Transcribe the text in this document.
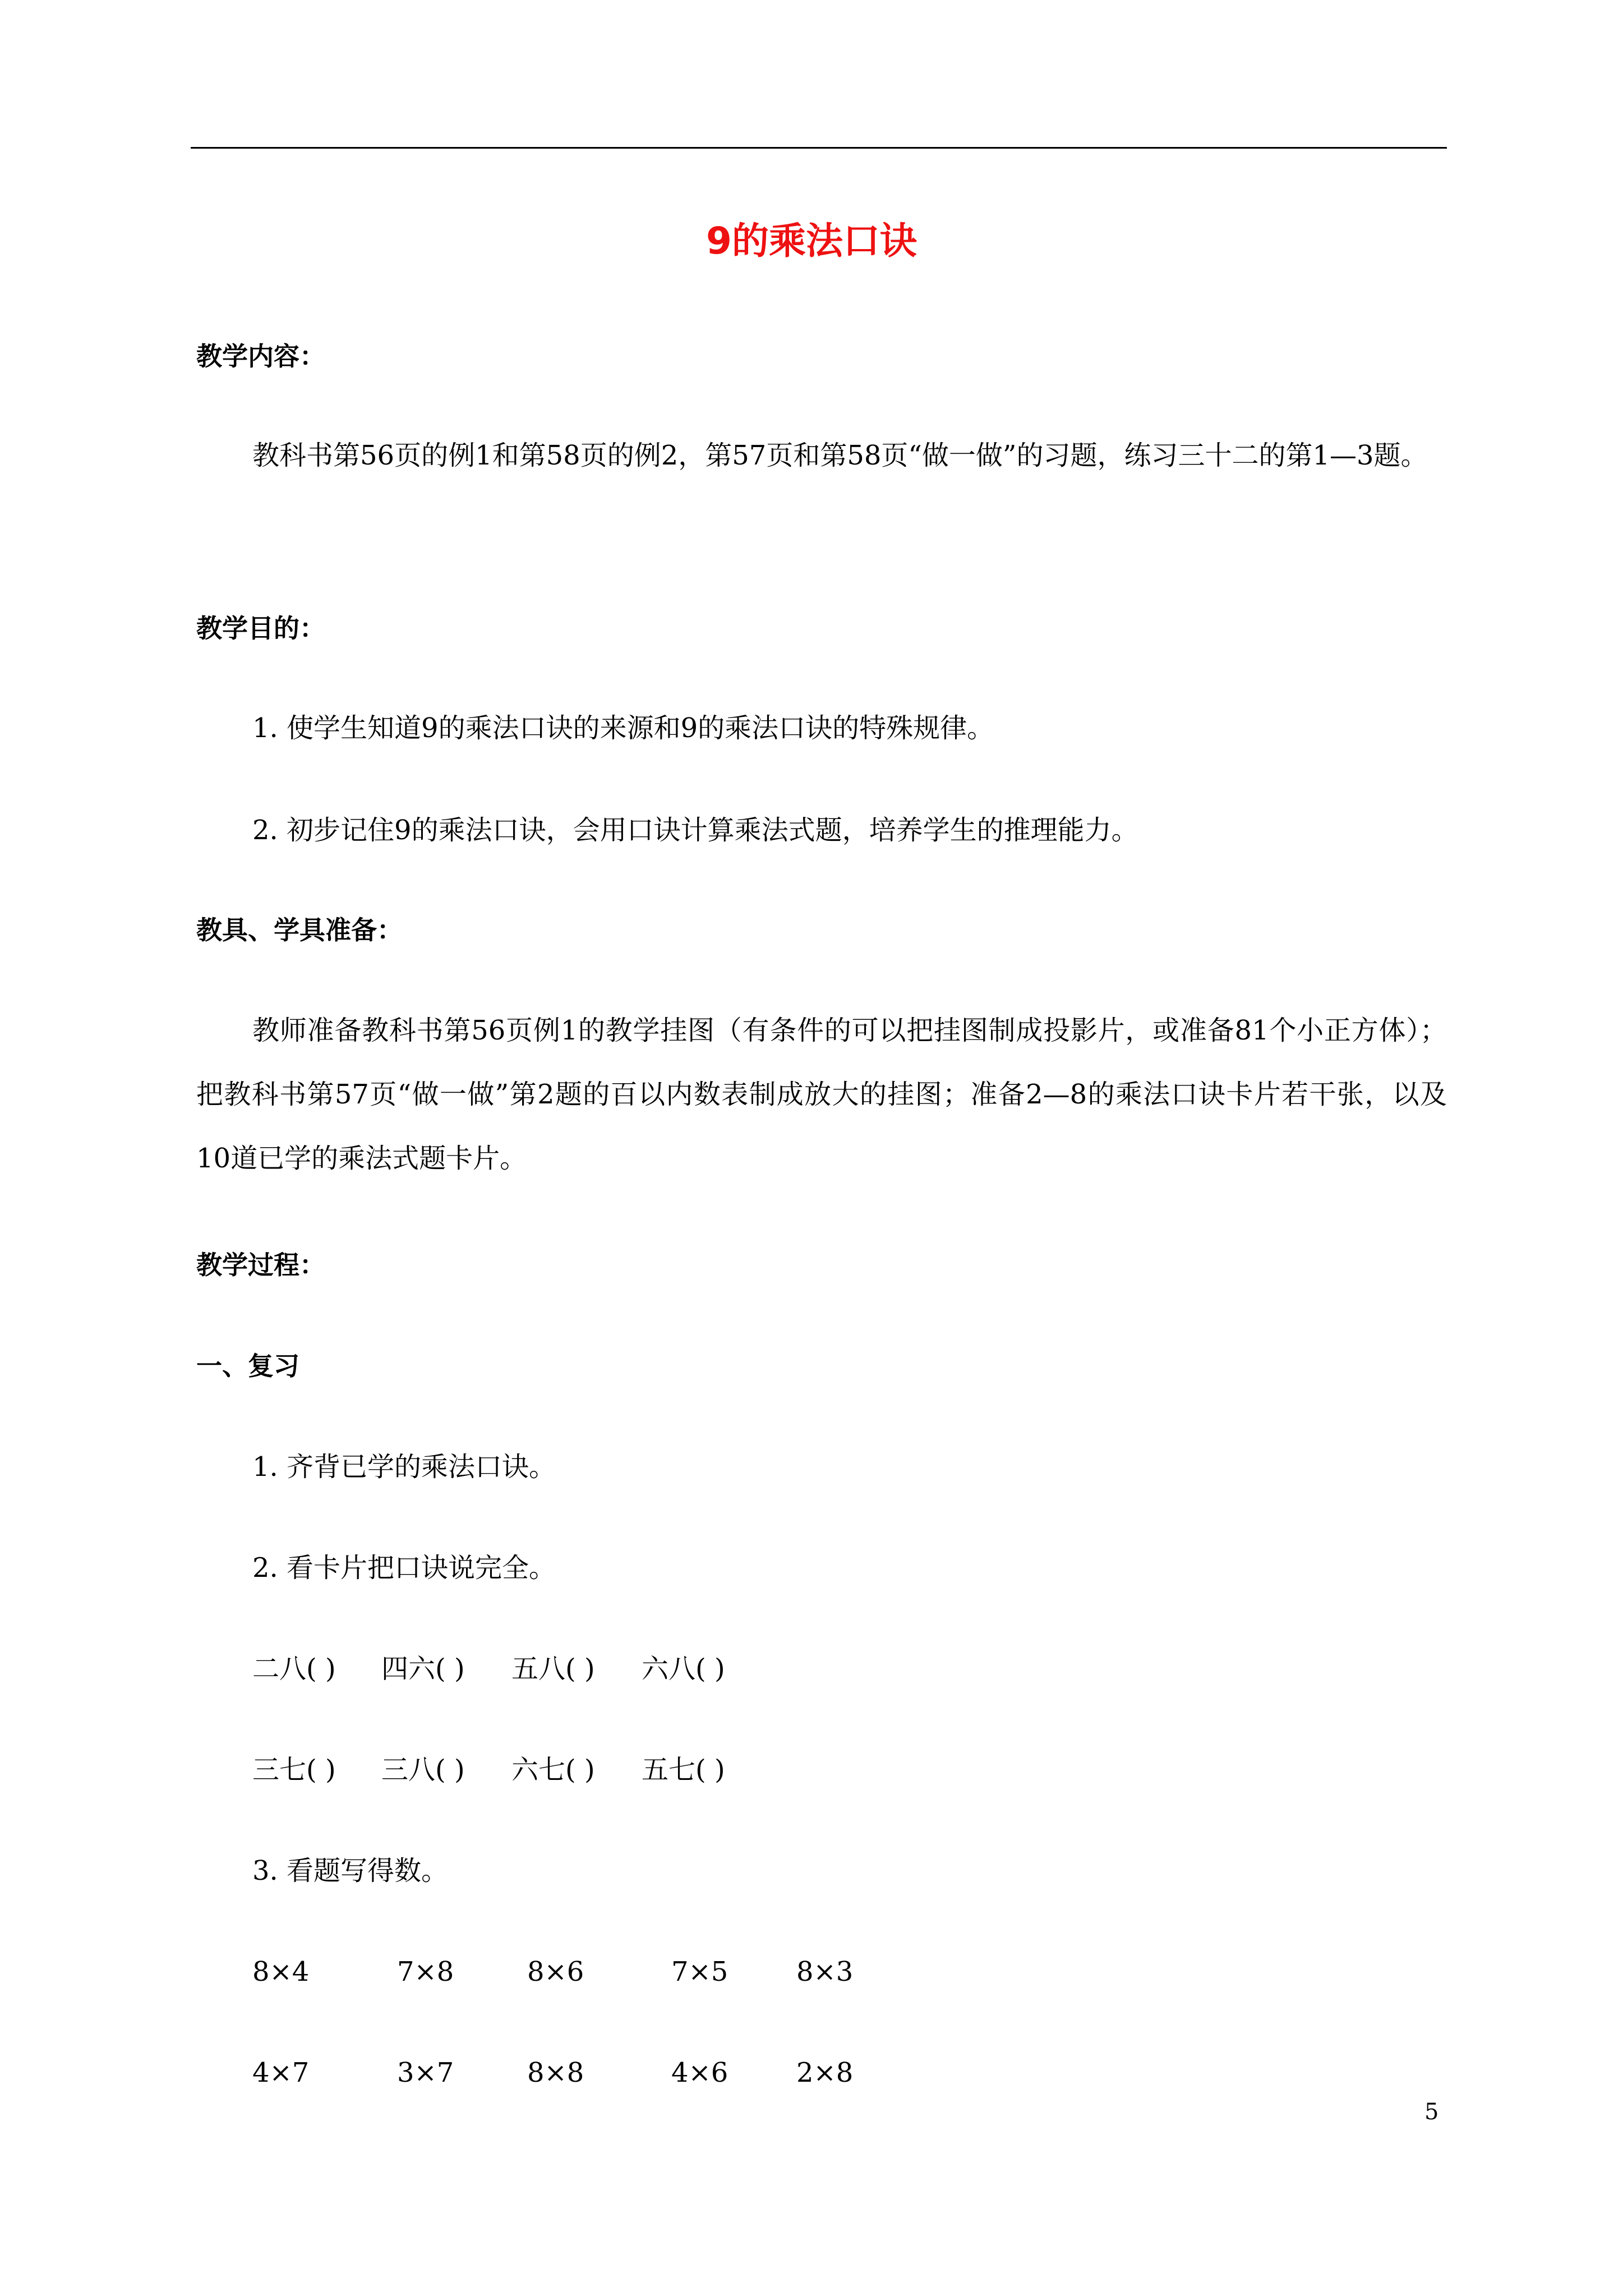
9的乘法口诀
教学内容：
教科书第56页的例1和第58页的例2，第57页和第58页“做一做”的习题，练习三十二的第1—3题。
教学目的：
1. 使学生知道9的乘法口诀的来源和9的乘法口诀的特殊规律。
2. 初步记住9的乘法口诀，会用口诀计算乘法式题，培养学生的推理能力。
教具、学具准备：
教师准备教科书第56页例1的教学挂图（有条件的可以把挂图制成投影片，或准备81个小正方体）；把教科书第57页“做一做”第2题的百以内数表制成放大的挂图；准备2—8的乘法口诀卡片若干张，以及10道已学的乘法式题卡片。
教学过程：
一、复习
1. 齐背已学的乘法口诀。
2. 看卡片把口诀说完全。
二八( )	四六( )	五八( )	六八( )
三七( )	三八( )	六七( )	五七( )
3. 看题写得数。
8×4	7×8	8×6	7×5	8×3
4×7	3×7	8×8	4×6	2×8
5
